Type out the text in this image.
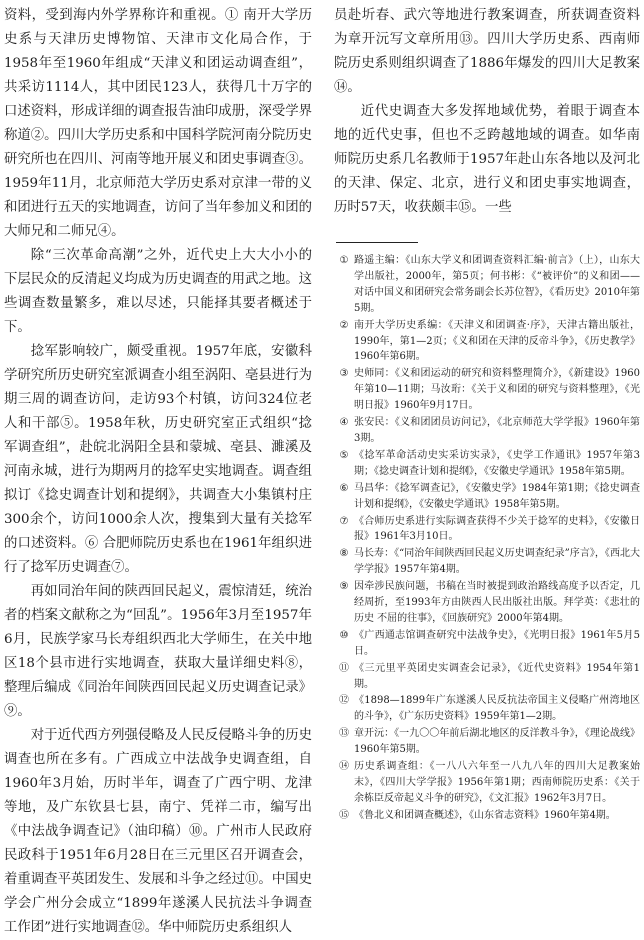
资料，受到海内外学界称许和重视。① 南开大学历史系与天津历史博物馆、天津市文化局合作，于1958年至1960年组成“天津义和团运动调查组”，共采访1114人，其中团民123人，获得几十万字的口述资料，形成详细的调查报告油印成册，深受学界称道②。四川大学历史系和中国科学院河南分院历史研究所也在四川、河南等地开展义和团史事调查③。1959年11月，北京师范大学历史系对京津一带的义和团进行五天的实地调查，访问了当年参加义和团的大师兄和二师兄④。

除“三次革命高潮”之外，近代史上大大小小的下层民众的反清起义均成为历史调查的用武之地。这些调查数量繁多，难以尽述，只能择其要者概述于下。

捻军影响较广，颇受重视。1957年底，安徽科学研究所历史研究室派调查小组至涡阳、亳县进行为期三周的调查访问，走访93个村镇，访问324位老人和干部⑤。1958年秋，历史研究室正式组织“捻军调查组”，赴皖北涡阳全县和蒙城、亳县、濉溪及河南永城，进行为期两月的捻军史实地调查。调查组拟订《捻史调查计划和提纲》，共调查大小集镇村庄300余个，访问1000余人次，搜集到大量有关捻军的口述资料。⑥ 合肥师院历史系也在1961年组织进行了捻军历史调查⑦。

再如同治年间的陕西回民起义，震惊清廷，统治者的档案文献称之为“回乱”。1956年3月至1957年6月，民族学家马长寿组织西北大学师生，在关中地区18个县市进行实地调查，获取大量详细史料⑧，整理后编成《同治年间陕西回民起义历史调查记录》⑨。

对于近代西方列强侵略及人民反侵略斗争的历史调查也所在多有。广西成立中法战争史调查组，自1960年3月始，历时半年，调查了广西宁明、龙津等地，及广东钦县七县，南宁、凭祥二市，编写出《中法战争调查记》（油印稿）⑩。广州市人民政府民政科于1951年6月28日在三元里区召开调查会，着重调查平英团发生、发展和斗争之经过⑪。中国史学会广州分会成立“1899年遂溪人民抗法斗争调查工作团”进行实地调查⑫。华中师院历史系组织人

员赴圻春、武穴等地进行教案调查，所获调查资料为章开沅写文章所用⑬。四川大学历史系、西南师院历史系则组织调查了1886年爆发的四川大足教案⑭。

近代史调查大多发挥地域优势，着眼于调查本地的近代史事，但也不乏跨越地域的调查。如华南师院历史系几名教师于1957年赴山东各地以及河北的天津、保定、北京，进行义和团史事实地调查，历时57天，收获颇丰⑮。一些

① 路遥主编：《山东大学义和团调查资料汇编·前言》（上），山东大学出版社，2000年，第5页；何书彬：《“被评价”的义和团——对话中国义和团研究会常务副会长苏位智》，《看历史》2010年第5期。
② 南开大学历史系编：《天津义和团调查·序》，天津古籍出版社，1990年，第1—2页；《义和团在天津的反帝斗争》，《历史教学》1960年第6期。
③ 史师同：《义和团运动的研究和资料整理简介》，《新建设》1960年第10—11期；马汝珩：《关于义和团的研究与资料整理》，《光明日报》1960年9月17日。
④ 张安民：《义和团团员访问记》，《北京师范大学学报》1960年第3期。
⑤ 《捻军革命活动史实采访实录》，《史学工作通讯》1957年第3期；《捻史调查计划和提纲》，《安徽史学通讯》1958年第5期。
⑥ 马昌华：《捻军调查记》，《安徽史学》1984年第1期；《捻史调查计划和提纲》，《安徽史学通讯》1958年第5期。
⑦ 《合师历史系进行实际调查获得不少关于捻军的史料》，《安徽日报》1961年3月10日。
⑧ 马长寿：《“同治年间陕西回民起义历史调查纪录”序言》，《西北大学学报》1957年第4期。
⑨ 因牵涉民族问题，书稿在当时被提到政治路线高度予以否定，几经周折，至1993年方由陕西人民出版社出版。拜学英：《悲壮的历史 不屈的往事》，《回族研究》2000年第4期。
⑩ 《广西通志馆调查研究中法战争史》，《光明日报》1961年5月5日。
⑪ 《三元里平英团史实调查会记录》，《近代史资料》1954年第1期。
⑫ 《1898—1899年广东遂溪人民反抗法帝国主义侵略广州湾地区的斗争》，《广东历史资料》1959年第1—2期。
⑬ 章开沅：《一九〇〇年前后湖北地区的反洋教斗争》，《理论战线》1960年第5期。
⑭ 历史系调查组：《一八八六年至一八九八年的四川大足教案始末》，《四川大学学报》1956年第1期；西南师院历史系：《关于余栋臣反帝起义斗争的研究》，《文汇报》1962年3月7日。
⑮ 《鲁北义和团调查概述》，《山东省志资料》1960年第4期。
